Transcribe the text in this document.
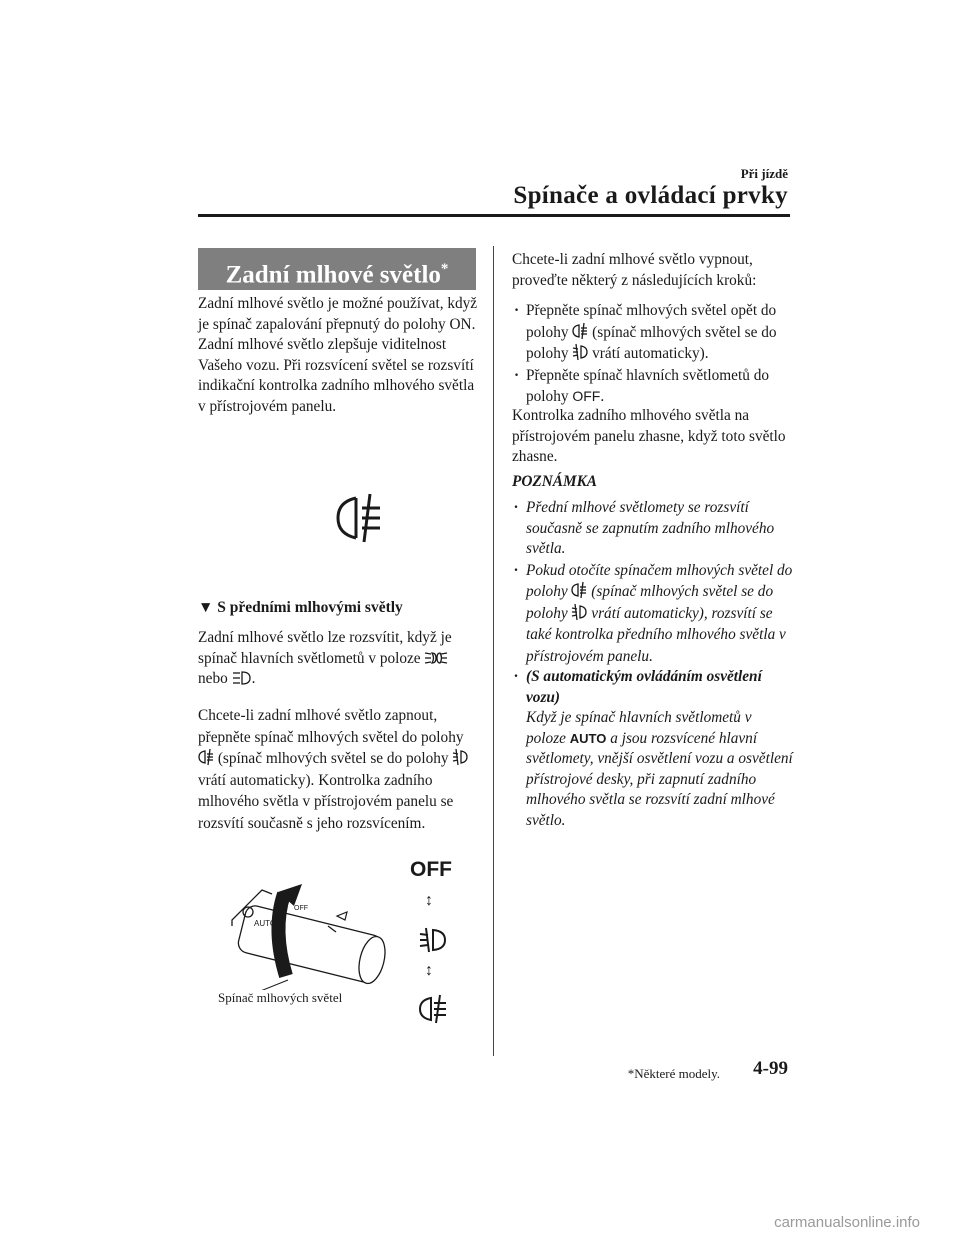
Při jízdě
Spínače a ovládací prvky
Zadní mlhové světlo*
Zadní mlhové světlo je možné používat, když je spínač zapalování přepnutý do polohy ON. Zadní mlhové světlo zlepšuje viditelnost Vašeho vozu. Při rozsvícení světel se rozsvítí indikační kontrolka zadního mlhového světla v přístrojovém panelu.
▼ S předními mlhovými světly
Zadní mlhové světlo lze rozsvítit, když je spínač hlavních světlometů v poloze
nebo .
Chcete-li zadní mlhové světlo zapnout, přepněte spínač mlhových světel do polohy  (spínač mlhových světel se do polohy  vrátí automaticky). Kontrolka zadního mlhového světla v přístrojovém panelu se rozsvítí současně s jeho rozsvícením.
AUTO
OFF
Spínač mlhových světel
OFF
↕
↕
Chcete-li zadní mlhové světlo vypnout, proveďte některý z následujících kroků:
· Přepněte spínač mlhových světel opět do polohy (spínač mlhových světel se do polohy vrátí automaticky).
· Přepněte spínač hlavních světlometů do polohy OFF.
Kontrolka zadního mlhového světla na přístrojovém panelu zhasne, když toto světlo zhasne.
POZNÁMKA
· Přední mlhové světlomety se rozsvítí současně se zapnutím zadního mlhového světla.
· Pokud otočíte spínačem mlhových světel do polohy (spínač mlhových světel se do polohy vrátí automaticky), rozsvítí se také kontrolka předního mlhového světla v přístrojovém panelu.
· (S automatickým ovládáním osvětlení vozu)
Když je spínač hlavních světlometů v poloze AUTO a jsou rozsvícené hlavní světlomety, vnější osvětlení vozu a osvětlení přístrojové desky, při zapnutí zadního mlhového světla se rozsvítí zadní mlhové světlo.
*Některé modely. 4-99
carmanualsonline.info
